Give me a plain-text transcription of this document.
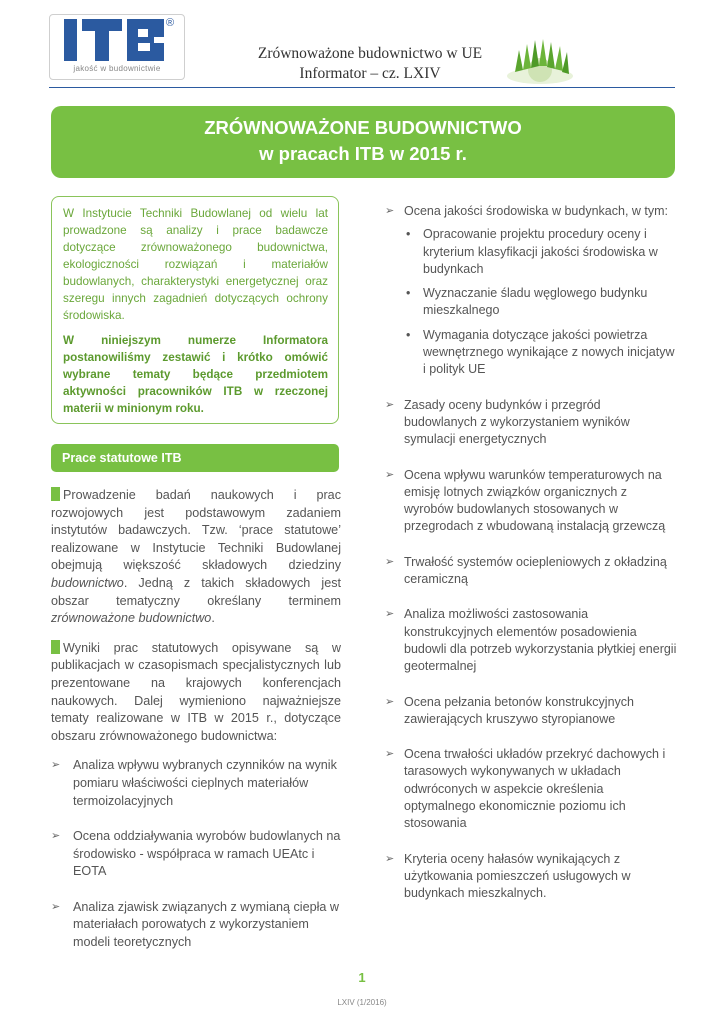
®
jakość w budownictwie
Zrównoważone budownictwo w UE
Informator – cz. LXIV
ZRÓWNOWAŻONE BUDOWNICTWO
w pracach ITB w 2015 r.

W Instytucie Techniki Budowlanej od wielu lat prowadzone są analizy i prace badawcze dotyczące zrównoważonego budownictwa, ekologiczności rozwiązań i materiałów budowlanych, charakterystyki energetycznej oraz szeregu innych zagadnień dotyczących ochrony środowiska.

W niniejszym numerze Informatora postanowiliśmy zestawić i krótko omówić wybrane tematy będące przedmiotem aktywności pracowników ITB w rzeczonej materii w minionym roku.

Prace statutowe ITB

Prowadzenie badań naukowych i prac rozwojowych jest podstawowym zadaniem instytutów badawczych. Tzw. ‘prace statutowe’ realizowane w Instytucie Techniki Budowlanej obejmują większość składowych dziedziny budownictwo. Jedną z takich składowych jest obszar tematyczny określany terminem zrównoważone budownictwo.

Wyniki prac statutowych opisywane są w publikacjach w czasopismach specjalistycznych lub prezentowane na krajowych konferencjach naukowych. Dalej wymieniono najważniejsze tematy realizowane w ITB w 2015 r., dotyczące obszaru zrównoważonego budownictwa:

➢ Analiza wpływu wybranych czynników na wynik pomiaru właściwości cieplnych materiałów termoizolacyjnych
➢ Ocena oddziaływania wyrobów budowlanych na środowisko - współpraca w ramach UEAtc i EOTA
➢ Analiza zjawisk związanych z wymianą ciepła w materiałach porowatych z wykorzystaniem modeli teoretycznych
➢ Ocena jakości środowiska w budynkach, w tym:
• Opracowanie projektu procedury oceny i kryterium klasyfikacji jakości środowiska w budynkach
• Wyznaczanie śladu węglowego budynku mieszkalnego
• Wymagania dotyczące jakości powietrza wewnętrznego wynikające z nowych inicjatyw i polityk UE
➢ Zasady oceny budynków i przegród budowlanych z wykorzystaniem wyników symulacji energetycznych
➢ Ocena wpływu warunków temperaturowych na emisję lotnych związków organicznych z wyrobów budowlanych stosowanych w przegrodach z wbudowaną instalacją grzewczą
➢ Trwałość systemów ociepleniowych z okładziną ceramiczną
➢ Analiza możliwości zastosowania konstrukcyjnych elementów posadowienia budowli dla potrzeb wykorzystania płytkiej energii geotermalnej
➢ Ocena pełzania betonów konstrukcyjnych zawierających kruszywo styropianowe
➢ Ocena trwałości układów przekryć dachowych i tarasowych wykonywanych w układach odwróconych w aspekcie określenia optymalnego ekonomicznie poziomu ich stosowania
➢ Kryteria oceny hałasów wynikających z użytkowania pomieszczeń usługowych w budynkach mieszkalnych.
1
LXIV (1/2016)
